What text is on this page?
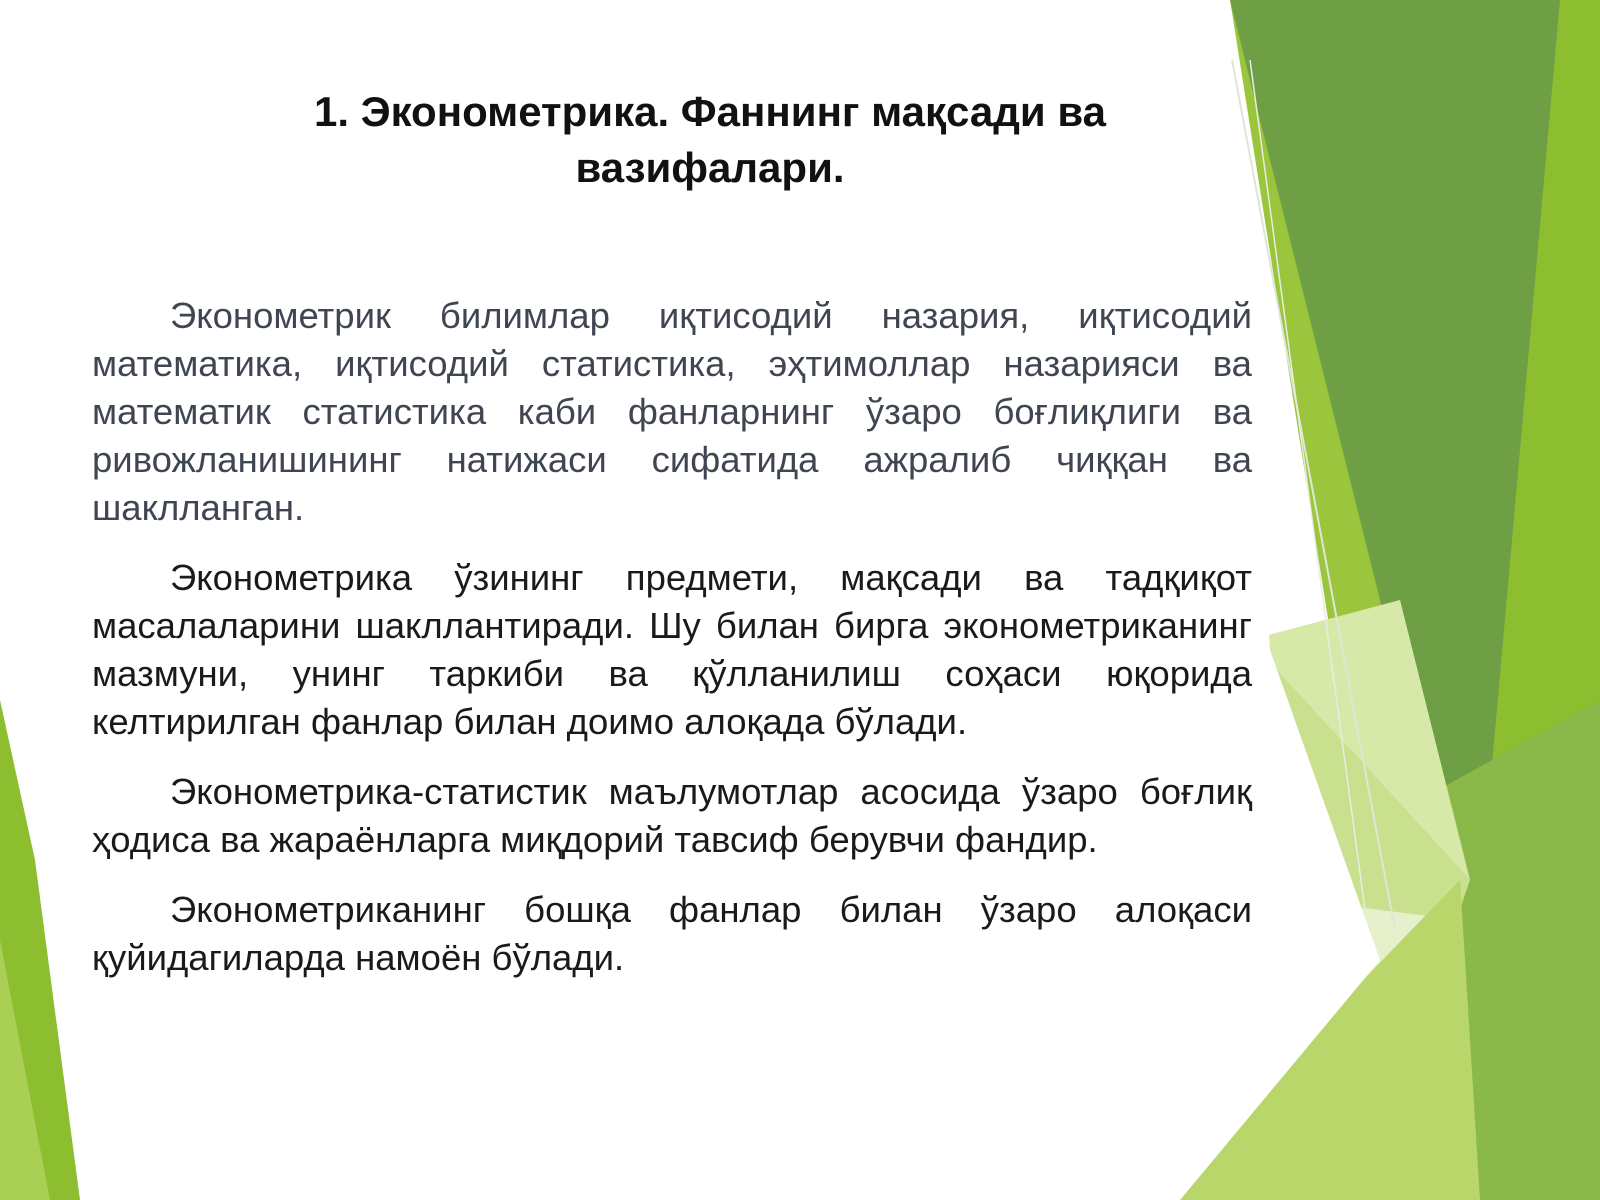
1. Эконометрика. Фаннинг мақсади ва вазифалари.

Эконометрик билимлар иқтисодий назария, иқтисодий математика, иқтисодий статистика, эҳтимоллар назарияси ва математик статистика каби фанларнинг ўзаро боғлиқлиги ва ривожланишининг натижаси сифатида ажралиб чиққан ва шаклланган.

Эконометрика ўзининг предмети, мақсади ва тадқиқот масалаларини шакллантиради. Шу билан бирга эконометриканинг мазмуни, унинг таркиби ва қўлланилиш соҳаси юқорида келтирилган фанлар билан доимо алоқада бўлади.

Эконометрика-статистик маълумотлар асосида ўзаро боғлиқ ҳодиса ва жараёнларга миқдорий тавсиф берувчи фандир.

Эконометриканинг бошқа фанлар билан ўзаро алоқаси қуйидагиларда намоён бўлади.
